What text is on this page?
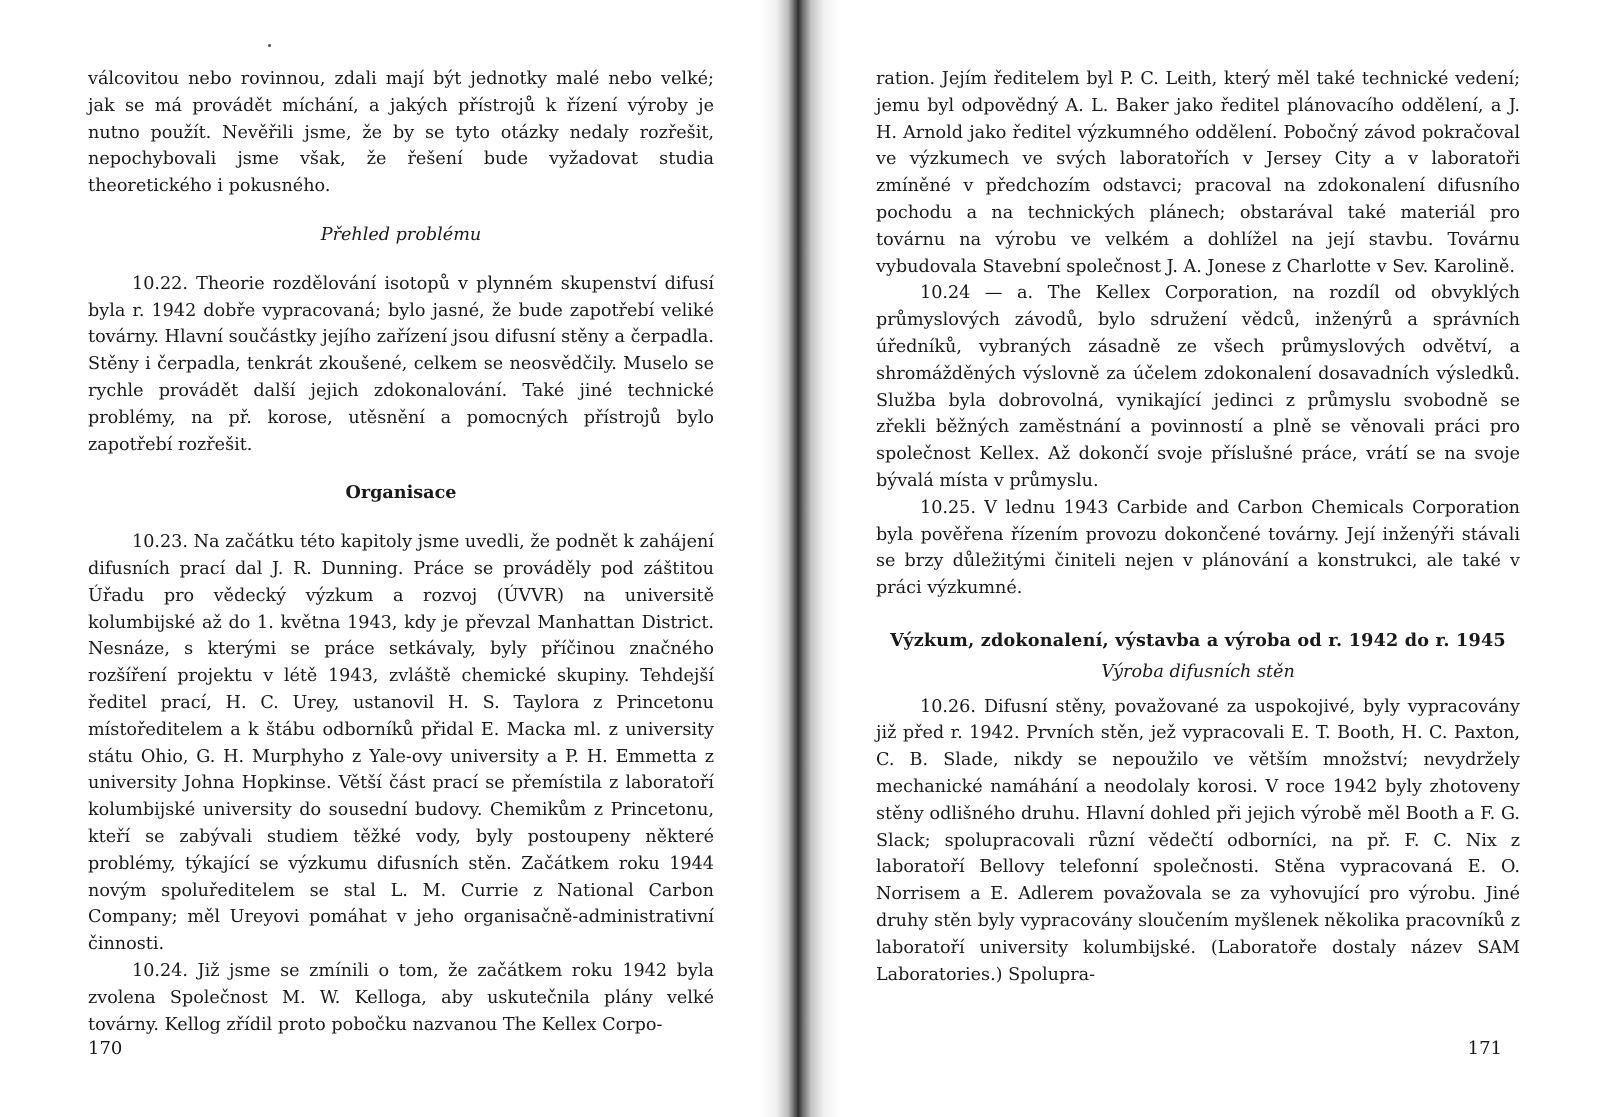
válcovitou nebo rovinnou, zdali mají být jednotky malé nebo velké; jak se má provádět míchání, a jakých přístrojů k řízení výroby je nutno použít. Nevěřili jsme, že by se tyto otázky nedaly rozřešit, nepochybovali jsme však, že řešení bude vyžadovat studia theoretického i pokusného.

Přehled problému

10.22. Theorie rozdělování isotopů v plynném skupenství difusí byla r. 1942 dobře vypracovaná; bylo jasné, že bude zapotřebí veliké továrny. Hlavní součástky jejího zařízení jsou difusní stěny a čerpadla. Stěny i čerpadla, tenkrát zkoušené, celkem se neosvědčily. Muselo se rychle provádět další jejich zdokonalování. Také jiné technické problémy, na př. korose, utěsnění a pomocných přístrojů bylo zapotřebí rozřešit.

Organisace

10.23. Na začátku této kapitoly jsme uvedli, že podnět k zahájení difusních prací dal J. R. Dunning. Práce se prováděly pod záštitou Úřadu pro vědecký výzkum a rozvoj (ÚVVR) na universitě kolumbijské až do 1. května 1943, kdy je převzal Manhattan District. Nesnáze, s kterými se práce setkávaly, byly příčinou značného rozšíření projektu v létě 1943, zvláště chemické skupiny. Tehdejší ředitel prací, H. C. Urey, ustanovil H. S. Taylora z Princetonu místoředitelem a k štábu odborníků přidal E. Macka ml. z university státu Ohio, G. H. Murphyho z Yale-ovy university a P. H. Emmetta z university Johna Hopkinse. Větší část prací se přemístila z laboratoří kolumbijské university do sousední budovy. Chemikům z Princetonu, kteří se zabývali studiem těžké vody, byly postoupeny některé problémy, týkající se výzkumu difusních stěn. Začátkem roku 1944 novým spoluředitelem se stal L. M. Currie z National Carbon Company; měl Ureyovi pomáhat v jeho organisačně-administrativní činnosti.

10.24. Již jsme se zmínili o tom, že začátkem roku 1942 byla zvolena Společnost M. W. Kelloga, aby uskutečnila plány velké továrny. Kellog zřídil proto pobočku nazvanou The Kellex Corpo-

170

ration. Jejím ředitelem byl P. C. Leith, který měl také technické vedení; jemu byl odpovědný A. L. Baker jako ředitel plánovacího oddělení, a J. H. Arnold jako ředitel výzkumného oddělení. Pobočný závod pokračoval ve výzkumech ve svých laboratořích v Jersey City a v laboratoři zmíněné v předchozím odstavci; pracoval na zdokonalení difusního pochodu a na technických plánech; obstarával také materiál pro továrnu na výrobu ve velkém a dohlížel na její stavbu. Továrnu vybudovala Stavební společnost J. A. Jonese z Charlotte v Sev. Karolině.

10.24 — a. The Kellex Corporation, na rozdíl od obvyklých průmyslových závodů, bylo sdružení vědců, inženýrů a správních úředníků, vybraných zásadně ze všech průmyslových odvětví, a shromážděných výslovně za účelem zdokonalení dosavadních výsledků. Služba byla dobrovolná, vynikající jedinci z průmyslu svobodně se zřekli běžných zaměstnání a povinností a plně se věnovali práci pro společnost Kellex. Až dokončí svoje příslušné práce, vrátí se na svoje bývalá místa v průmyslu.

10.25. V lednu 1943 Carbide and Carbon Chemicals Corporation byla pověřena řízením provozu dokončené továrny. Její inženýři stávali se brzy důležitými činiteli nejen v plánování a konstrukci, ale také v práci výzkumné.

Výzkum, zdokonalení, výstavba a výroba od r. 1942 do r. 1945
Výroba difusních stěn

10.26. Difusní stěny, považované za uspokojivé, byly vypracovány již před r. 1942. Prvních stěn, jež vypracovali E. T. Booth, H. C. Paxton, C. B. Slade, nikdy se nepoužilo ve větším množství; nevydržely mechanické namáhání a neodolaly korosi. V roce 1942 byly zhotoveny stěny odlišného druhu. Hlavní dohled při jejich výrobě měl Booth a F. G. Slack; spolupracovali různí vědečtí odborníci, na př. F. C. Nix z laboratoří Bellovy telefonní společnosti. Stěna vypracovaná E. O. Norrisem a E. Adlerem považovala se za vyhovující pro výrobu. Jiné druhy stěn byly vypracovány sloučením myšlenek několika pracovníků z laboratoří university kolumbijské. (Laboratoře dostaly název SAM Laboratories.) Spolupra-

171
